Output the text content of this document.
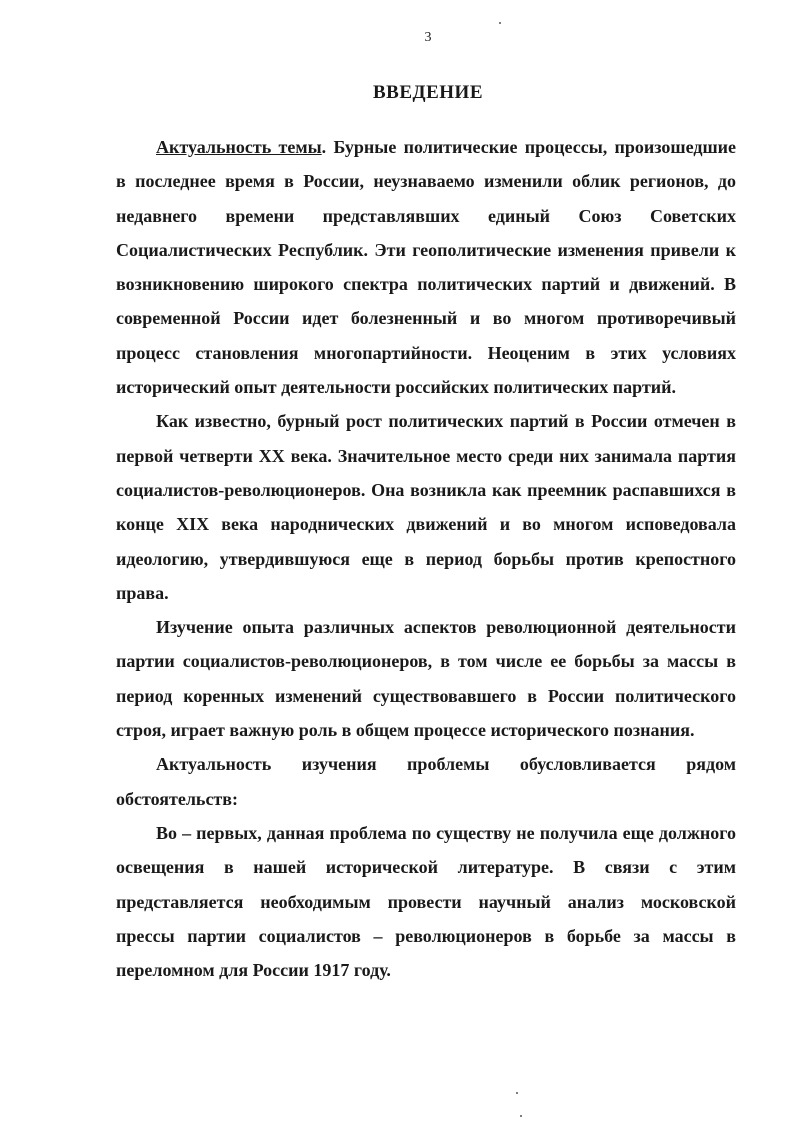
3
ВВЕДЕНИЕ

Актуальность темы. Бурные политические процессы, произошедшие в последнее время в России, неузнаваемо изменили облик регионов, до недавнего времени представлявших единый Союз Советских Социалистических Республик. Эти геополитические изменения привели к возникновению широкого спектра политических партий и движений. В современной России идет болезненный и во многом противоречивый процесс становления многопартийности. Неоценим в этих условиях исторический опыт деятельности российских политических партий.

Как известно, бурный рост политических партий в России отмечен в первой четверти XX века. Значительное место среди них занимала партия социалистов-революционеров. Она возникла как преемник распавшихся в конце XIX века народнических движений и во многом исповедовала идеологию, утвердившуюся еще в период борьбы против крепостного права.

Изучение опыта различных аспектов революционной деятельности партии социалистов-революционеров, в том числе ее борьбы за массы в период коренных изменений существовавшего в России политического строя, играет важную роль в общем процессе исторического познания.

Актуальность изучения проблемы обусловливается рядом обстоятельств:

Во – первых, данная проблема по существу не получила еще должного освещения в нашей исторической литературе. В связи с этим представляется необходимым провести научный анализ московской прессы партии социалистов – революционеров в борьбе за массы в переломном для России 1917 году.
